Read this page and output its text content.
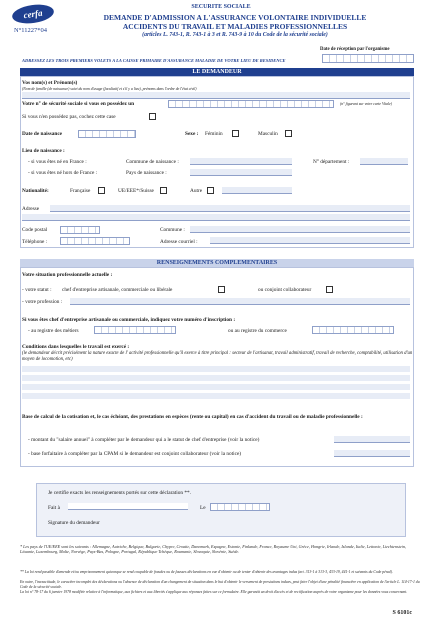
cerfa
N°11227*04
SECURITE SOCIALE
DEMANDE D'ADMISSION A L'ASSURANCE VOLONTAIRE INDIVIDUELLE
ACCIDENTS DU TRAVAIL ET MALADIES PROFESSIONNELLES
(articles L. 743-1, R. 743-1 à 3 et R. 743-9 à 10 du Code de la sécurité sociale)
Date de réception par l'organisme
ADRESSEZ LES TROIS PREMIERS VOLETS A LA CAISSE PRIMAIRE D'ASSURANCE MALADIE DE VOTRE LIEU DE RESIDENCE
LE DEMANDEUR
Vos nom(s) et Prénom(s)
(Nom de famille (de naissance) suivi du nom d'usage (facultatif et s'il y a lieu), prénoms dans l'ordre de l'état civil)
Votre n° de sécurité sociale si vous en possédez un	(n° figurant sur votre carte Vitale)
Si vous n'en possédez pas, cochez cette case
Date de naissance	Sexe : Féminin	Masculin
Lieu de naissance :
- si vous êtes né en France :	Commune de naissance :	N° département :
- si vous êtes né hors de France :	Pays de naissance :
Nationalité:	Française	UE/EEE*/Suisse	Autre
Adresse
Code postal	Commune :
Téléphone :	Adresse courriel :
RENSEIGNEMENTS COMPLEMENTAIRES
Votre situation professionnelle actuelle :
- votre statut : chef d'entreprise artisanale, commerciale ou libérale	ou conjoint collaborateur
- votre profession :
Si vous êtes chef d'entreprise artisanale ou commerciale, indiquez votre numéro d'inscription :
- au registre des métiers	ou au registre du commerce
Conditions dans lesquelles le travail est exercé :
(le demandeur décrit précisément la nature exacte de l' activité professionnelle qu'il exerce à titre principal : secteur de l'artisanat, travail administratif, travail de recherche, comptabilité, utilisation d'un moyen de locomotion, etc)
Base de calcul de la cotisation et, le cas échéant, des prestations en espèces (rente ou capital) en cas d'accident du travail ou de maladie professionnelle :
- montant du "salaire annuel" à compléter par le demandeur qui a le statut de chef d'entreprise (voir la notice)
- base forfaitaire à compléter par la CPAM si le demandeur est conjoint collaborateur (voir la notice)
Je certifie exacts les renseignements portés sur cette déclaration **.
Fait à	Le
Signature du demandeur
* Les pays de l'UE/EEE sont les suivants : Allemagne, Autriche, Belgique, Bulgarie, Chypre, Croatie, Danemark, Espagne, Estonie, Finlande, France, Royaume Uni, Grèce, Hongrie, Irlande, Islande, Italie, Lettonie, Liechtenstein, Lituanie, Luxembourg, Malte, Norvège, Pays-Bas, Pologne, Portugal, République Tchèque, Roumanie, Slovaquie, Slovénie, Suède.
** La loi rend passible d'amende et/ou emprisonnement quiconque se rend coupable de fraudes ou de fausses déclarations en vue d'obtenir ou de tenter d'obtenir des avantages indus (art. 313-1 à 313-3, 433-19, 441-1 et suivants du Code pénal).
En outre, l'inexactitude, le caractère incomplet des déclarations ou l'absence de déclaration d'un changement de situation dans le but d'obtenir le versement de prestations indues, peut faire l'objet d'une pénalité financière en application de l'article L. 114-17-1 du Code de la sécurité sociale.
La loi n° 78-17 du 6 janvier 1978 modifiée relative à l'informatique, aux fichiers et aux libertés s'applique aux réponses faites sur ce formulaire. Elle garantit un droit d'accès et de rectification auprès de votre organisme pour les données vous concernant.
S 6101c
